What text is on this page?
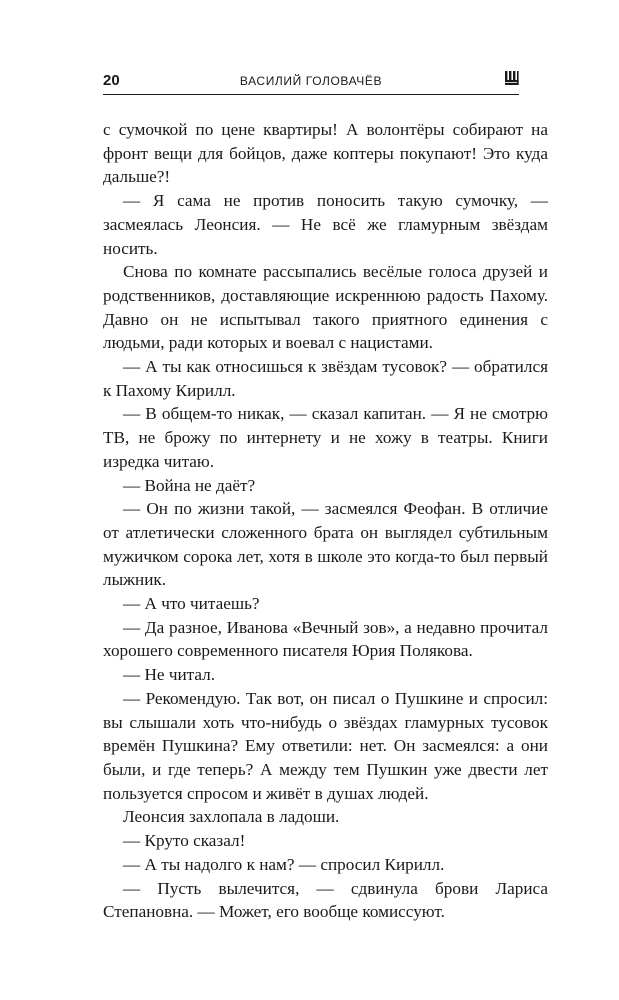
20	ВАСИЛИЙ ГОЛОВАЧЁВ

с сумочкой по цене квартиры! А волонтёры собирают на фронт вещи для бойцов, даже коптеры покупают! Это куда дальше?!

— Я сама не против поносить такую сумочку, — засмеялась Леонсия. — Не всё же гламурным звёздам носить.

Снова по комнате рассыпались весёлые голоса друзей и родственников, доставляющие искреннюю радость Пахому. Давно он не испытывал такого приятного единения с людьми, ради которых и воевал с нацистами.

— А ты как относишься к звёздам тусовок? — обратился к Пахому Кирилл.

— В общем-то никак, — сказал капитан. — Я не смотрю ТВ, не брожу по интернету и не хожу в театры. Книги изредка читаю.

— Война не даёт?

— Он по жизни такой, — засмеялся Феофан. В отличие от атлетически сложенного брата он выглядел субтильным мужичком сорока лет, хотя в школе это когда-то был первый лыжник.

— А что читаешь?

— Да разное, Иванова «Вечный зов», а недавно прочитал хорошего современного писателя Юрия Полякова.

— Не читал.

— Рекомендую. Так вот, он писал о Пушкине и спросил: вы слышали хоть что-нибудь о звёздах гламурных тусовок времён Пушкина? Ему ответили: нет. Он засмеялся: а они были, и где теперь? А между тем Пушкин уже двести лет пользуется спросом и живёт в душах людей.

Леонсия захлопала в ладоши.

— Круто сказал!

— А ты надолго к нам? — спросил Кирилл.

— Пусть вылечится, — сдвинула брови Лариса Степановна. — Может, его вообще комиссуют.
